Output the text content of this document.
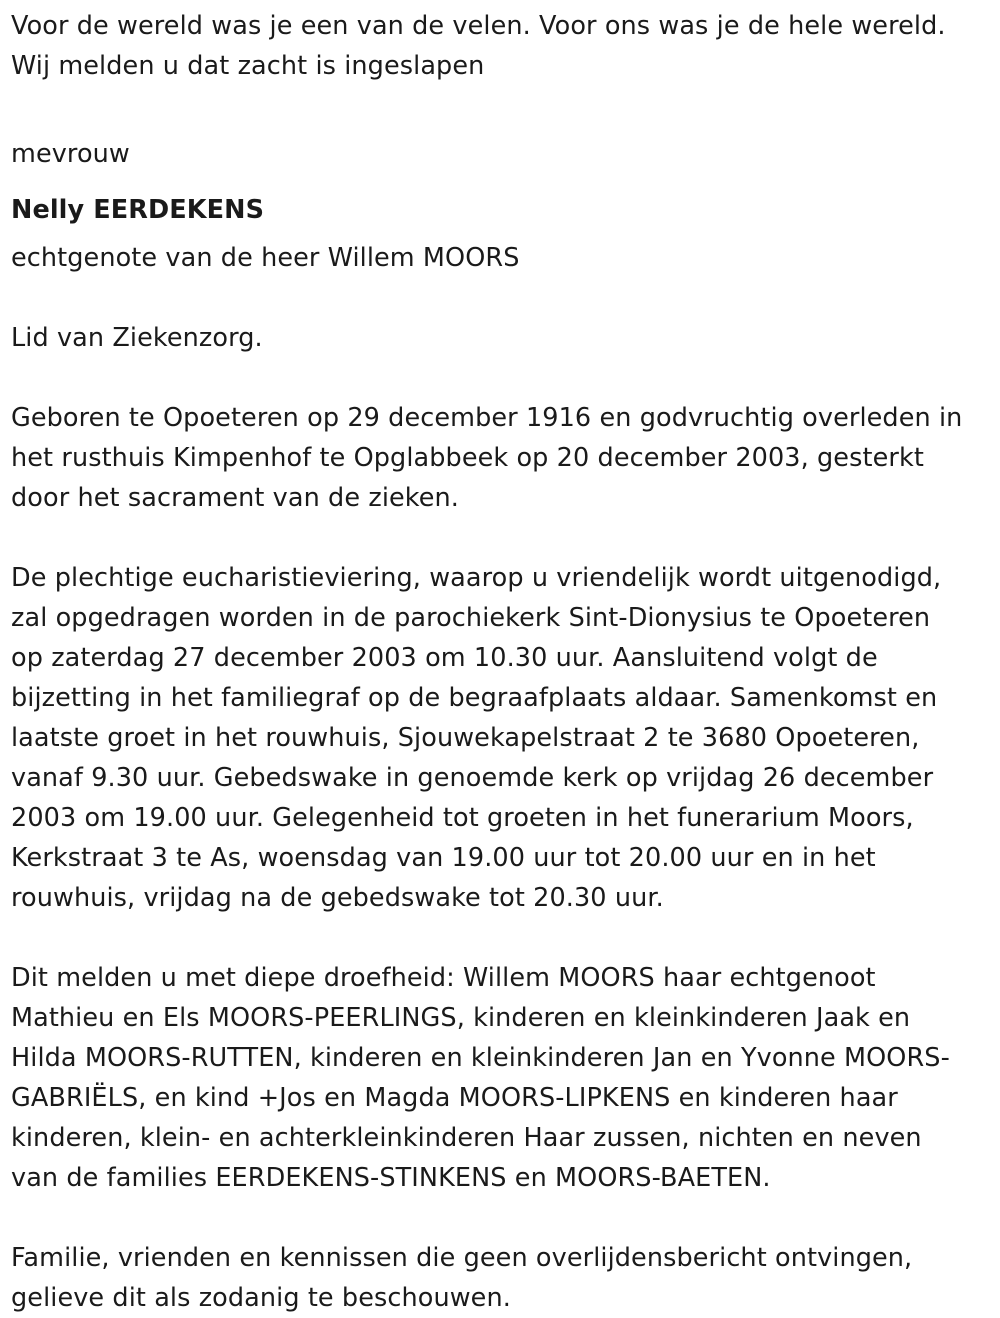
Voor de wereld was je een van de velen. Voor ons was je de hele wereld.
Wij melden u dat zacht is ingeslapen
mevrouw
Nelly EERDEKENS
echtgenote van de heer Willem MOORS
Lid van Ziekenzorg.
Geboren te Opoeteren op 29 december 1916 en godvruchtig overleden in
het rusthuis Kimpenhof te Opglabbeek op 20 december 2003, gesterkt
door het sacrament van de zieken.
De plechtige eucharistieviering, waarop u vriendelijk wordt uitgenodigd,
zal opgedragen worden in de parochiekerk Sint-Dionysius te Opoeteren
op zaterdag 27 december 2003 om 10.30 uur. Aansluitend volgt de
bijzetting in het familiegraf op de begraafplaats aldaar. Samenkomst en
laatste groet in het rouwhuis, Sjouwekapelstraat 2 te 3680 Opoeteren,
vanaf 9.30 uur. Gebedswake in genoemde kerk op vrijdag 26 december
2003 om 19.00 uur. Gelegenheid tot groeten in het funerarium Moors,
Kerkstraat 3 te As, woensdag van 19.00 uur tot 20.00 uur en in het
rouwhuis, vrijdag na de gebedswake tot 20.30 uur.
Dit melden u met diepe droefheid: Willem MOORS haar echtgenoot
Mathieu en Els MOORS-PEERLINGS, kinderen en kleinkinderen Jaak en
Hilda MOORS-RUTTEN, kinderen en kleinkinderen Jan en Yvonne MOORS-
GABRIËLS, en kind +Jos en Magda MOORS-LIPKENS en kinderen haar
kinderen, klein- en achterkleinkinderen Haar zussen, nichten en neven
van de families EERDEKENS-STINKENS en MOORS-BAETEN.
Familie, vrienden en kennissen die geen overlijdensbericht ontvingen,
gelieve dit als zodanig te beschouwen.
